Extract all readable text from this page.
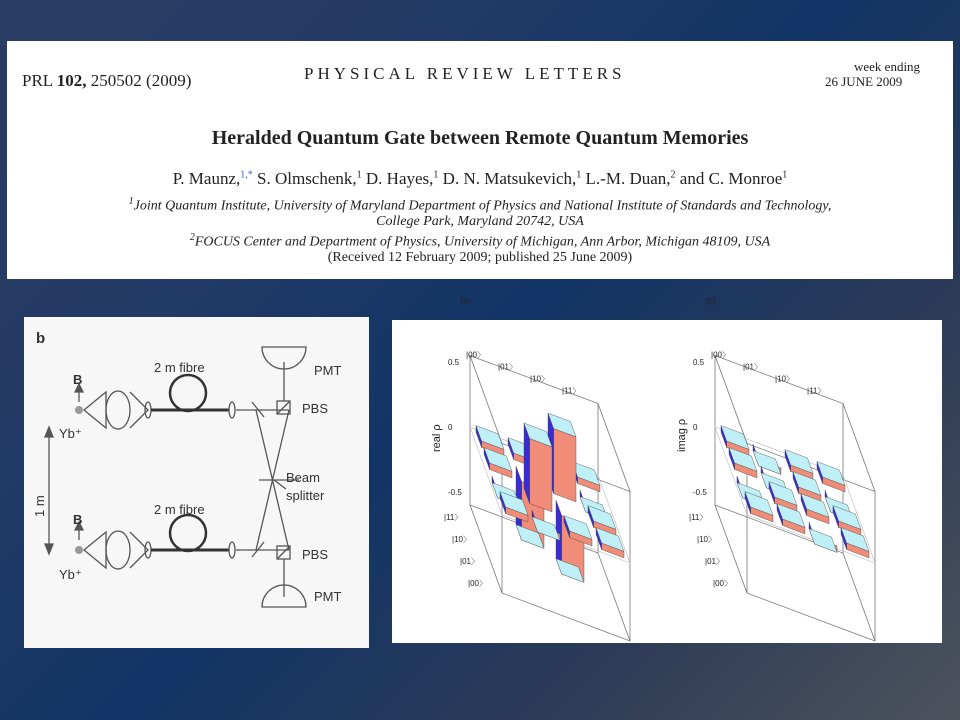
PRL 102, 250502 (2009)	PHYSICAL REVIEW LETTERS	week ending
26 JUNE 2009
Heralded Quantum Gate between Remote Quantum Memories
P. Maunz,$^{1,*}$ S. Olmschenk,$^1$ D. Hayes,$^1$ D. N. Matsukevich,$^1$ L.-M. Duan,$^2$ and C. Monroe$^1$
$^1$Joint Quantum Institute, University of Maryland Department of Physics and National Institute of Standards and Technology,
College Park, Maryland 20742, USA
$^2$FOCUS Center and Department of Physics, University of Michigan, Ann Arbor, Michigan 48109, USA
(Received 12 February 2009; published 25 June 2009)
b
2 m fibre
2 m fibre
PMT
PMT
PBS
PBS
B
B
Yb⁺
Yb⁺
1 m
Beam
splitter
0.5
0
-0.5
real ρ
(a)
|00〉
|00〉
|01〉
|01〉
|10〉
|10〉
|11〉
|11〉
0.5
0
-0.5
imag ρ
(b)
|00〉
|00〉
|01〉
|01〉
|10〉
|10〉
|11〉
|11〉
